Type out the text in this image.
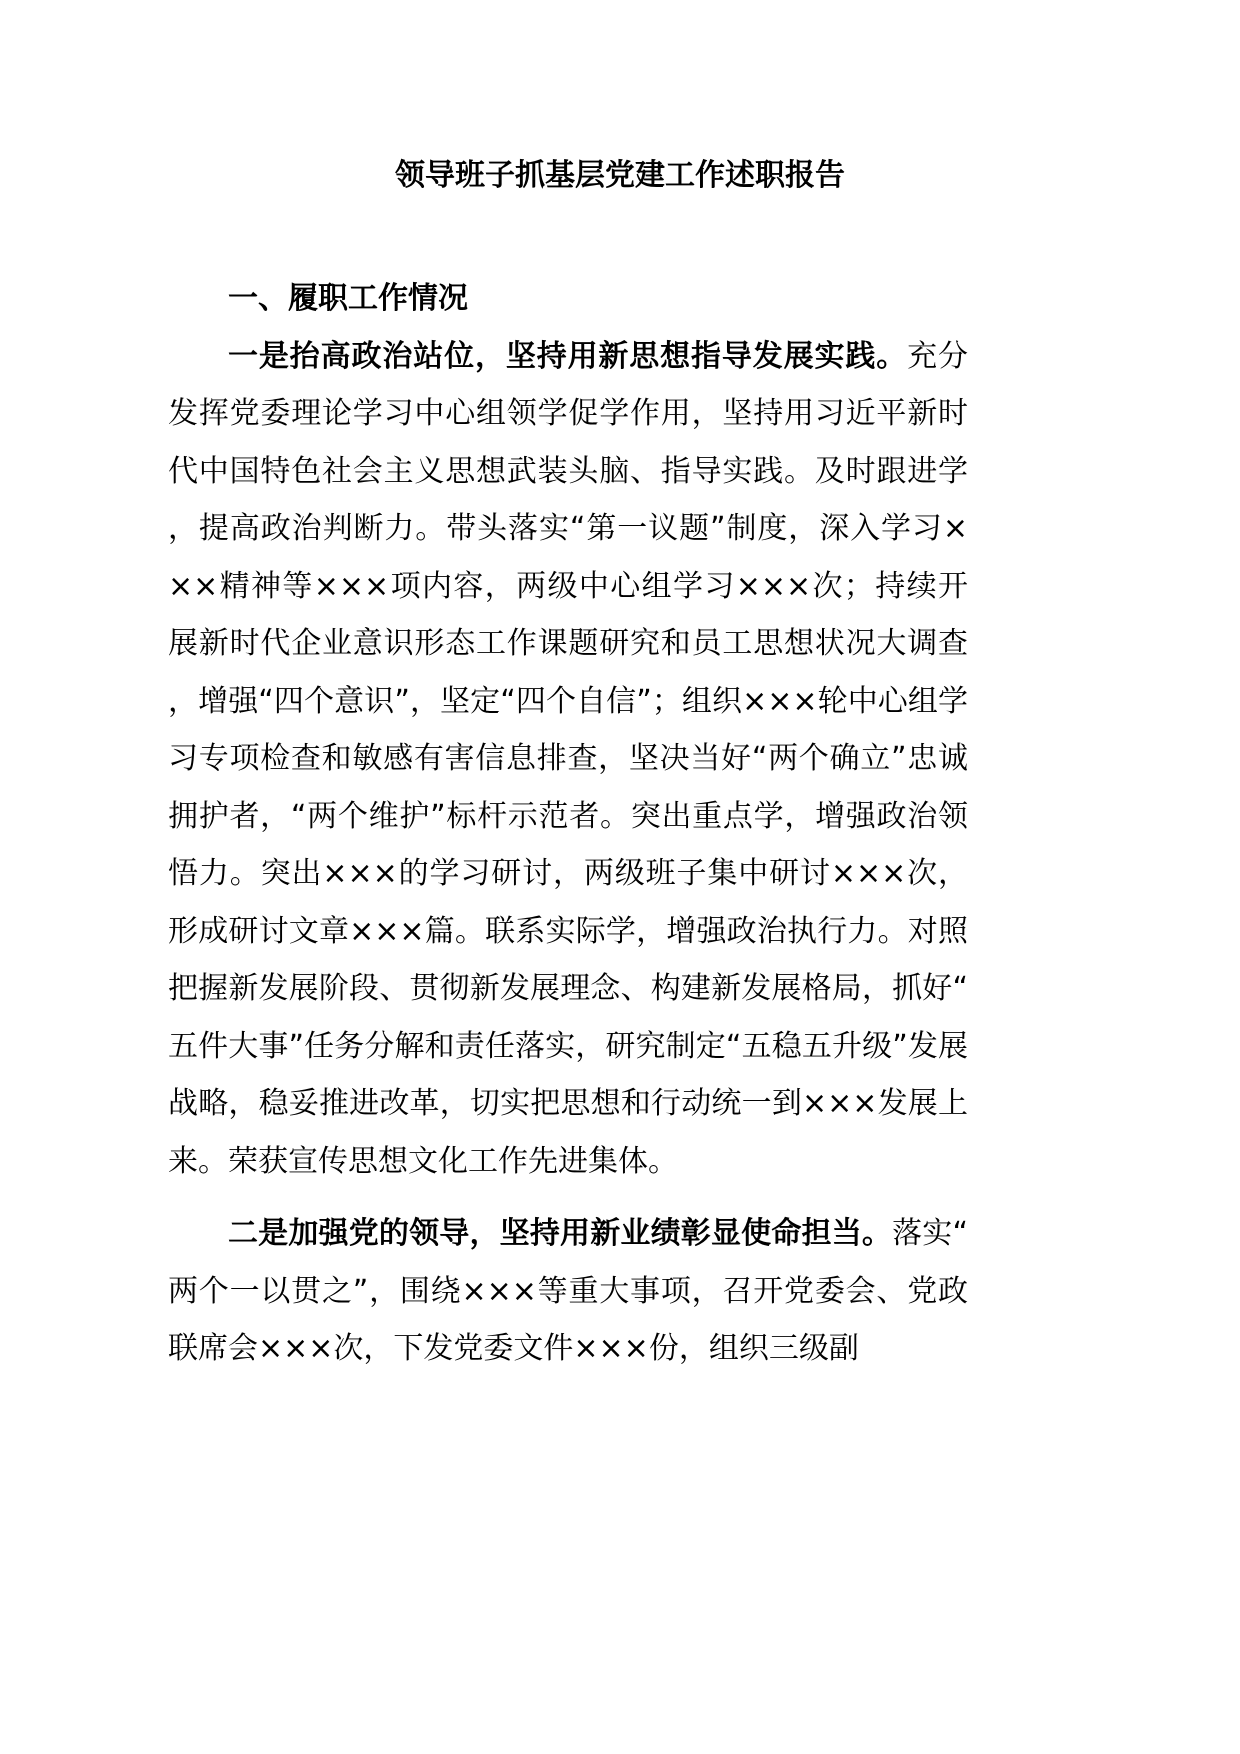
领导班子抓基层党建工作述职报告

一、履职工作情况

一是抬高政治站位，坚持用新思想指导发展实践。充分发挥党委理论学习中心组领学促学作用，坚持用习近平新时代中国特色社会主义思想武装头脑、指导实践。及时跟进学，提高政治判断力。带头落实“第一议题”制度，深入学习×××精神等×××项内容，两级中心组学习×××次；持续开展新时代企业意识形态工作课题研究和员工思想状况大调查，增强“四个意识”，坚定“四个自信”；组织×××轮中心组学习专项检查和敏感有害信息排查，坚决当好“两个确立”忠诚拥护者，“两个维护”标杆示范者。突出重点学，增强政治领悟力。突出×××的学习研讨，两级班子集中研讨×××次，形成研讨文章×××篇。联系实际学，增强政治执行力。对照把握新发展阶段、贯彻新发展理念、构建新发展格局，抓好“五件大事”任务分解和责任落实，研究制定“五稳五升级”发展战略，稳妥推进改革，切实把思想和行动统一到×××发展上来。荣获宣传思想文化工作先进集体。

二是加强党的领导，坚持用新业绩彰显使命担当。落实“两个一以贯之”，围绕×××等重大事项，召开党委会、党政联席会×××次，下发党委文件×××份，组织三级副
